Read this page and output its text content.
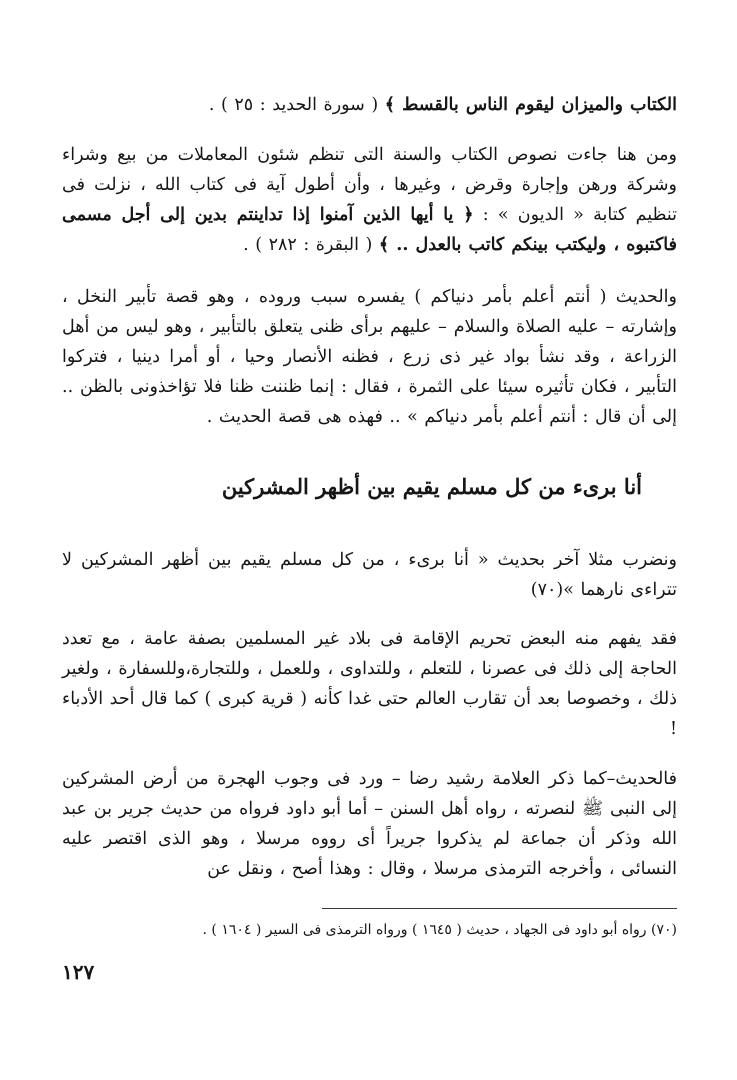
الكتاب والميزان ليقوم الناس بالقسط ﴾ ( سورة الحديد : ٢٥ ) .
ومن هنا جاءت نصوص الكتاب والسنة التى تنظم شئون المعاملات من بيع وشراء وشركة ورهن وإجارة وقرض ، وغيرها ، وأن أطول آية فى كتاب الله ، نزلت فى تنظيم كتابة « الديون » : ﴿ يا أيها الذين آمنوا إذا تداينتم بدين إلى أجل مسمى فاكتبوه ، وليكتب بينكم كاتب بالعدل .. ﴾ ( البقرة : ٢٨٢ ) .
والحديث ( أنتم أعلم بأمر دنياكم ) يفسره سبب وروده ، وهو قصة تأبير النخل ، وإشارته – عليه الصلاة والسلام – عليهم برأى ظنى يتعلق بالتأبير ، وهو ليس من أهل الزراعة ، وقد نشأ بواد غير ذى زرع ، فظنه الأنصار وحيا ، أو أمرا دينيا ، فتركوا التأبير ، فكان تأثيره سيئا على الثمرة ، فقال : إنما ظننت ظنا فلا تؤاخذونى بالظن .. إلى أن قال : أنتم أعلم بأمر دنياكم » .. فهذه هى قصة الحديث .
أنا برىء من كل مسلم يقيم بين أظهر المشركين
ونضرب مثلا آخر بحديث « أنا برىء ، من كل مسلم يقيم بين أظهر المشركين لا تتراءى نارهما »(٧٠)
فقد يفهم منه البعض تحريم الإقامة فى بلاد غير المسلمين بصفة عامة ، مع تعدد الحاجة إلى ذلك فى عصرنا ، للتعلم ، وللتداوى ، وللعمل ، وللتجارة،وللسفارة ، ولغير ذلك ، وخصوصا بعد أن تقارب العالم حتى غدا كأنه ( قرية كبرى ) كما قال أحد الأدباء !
فالحديث–كما ذكر العلامة رشيد رضا – ورد فى وجوب الهجرة من أرض المشركين إلى النبى ﷺ لنصرته ، رواه أهل السنن – أما أبو داود فرواه من حديث جرير بن عبد الله وذكر أن جماعة لم يذكروا جريراً أى رووه مرسلا ، وهو الذى اقتصر عليه النسائى ، وأخرجه الترمذى مرسلا ، وقال : وهذا أصح ، ونقل عن
(٧٠) رواه أبو داود فى الجهاد ، حديث ( ١٦٤٥ ) ورواه الترمذى فى السير ( ١٦٠٤ ) .
١٢٧
